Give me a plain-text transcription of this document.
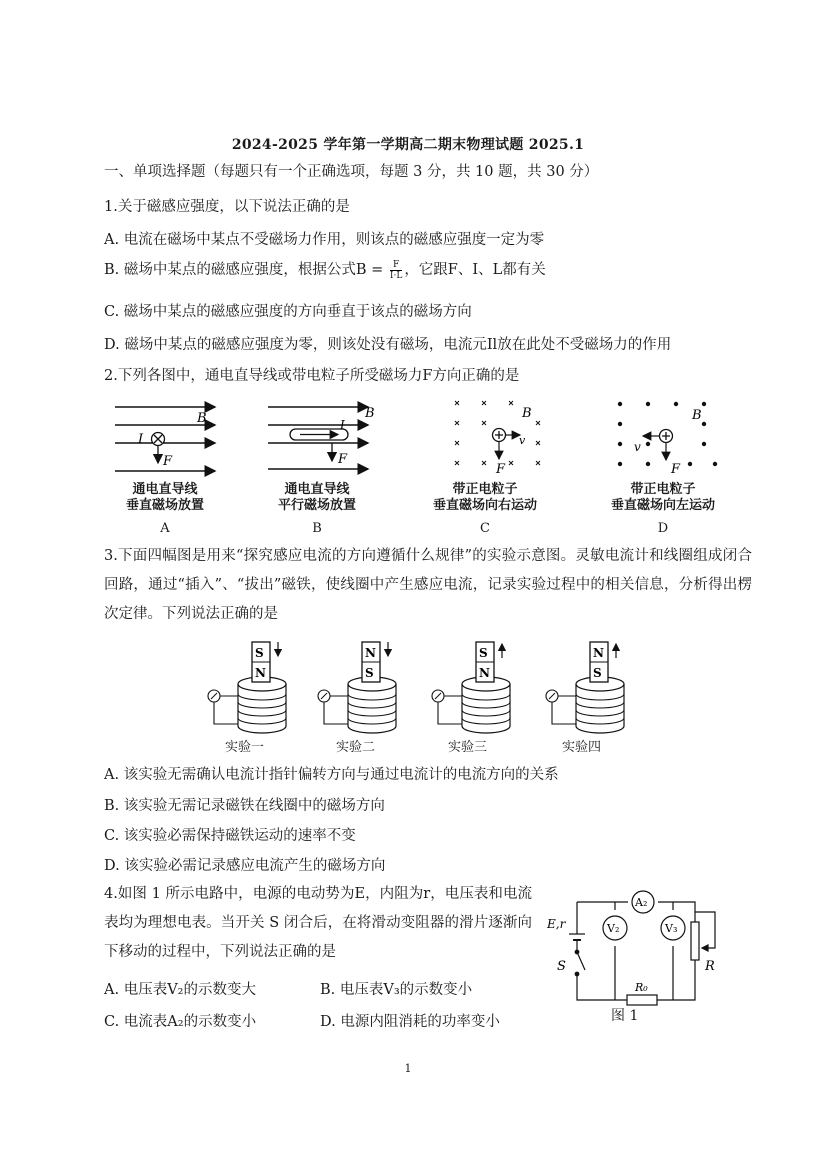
2024-2025 学年第一学期高二期末物理试题 2025.1
一、单项选择题（每题只有一个正确选项，每题 3 分，共 10 题，共 30 分）
1.关于磁感应强度，以下说法正确的是
A. 电流在磁场中某点不受磁场力作用，则该点的磁感应强度一定为零
B. 磁场中某点的磁感应强度，根据公式$B = \frac{F}{I\cdot L}$ ，它跟F、I、L都有关
C. 磁场中某点的磁感应强度的方向垂直于该点的磁场方向
D. 磁场中某点的磁感应强度为零，则该处没有磁场，电流元Il放在此处不受磁场力的作用
2.下列各图中，通电直导线或带电粒子所受磁场力F方向正确的是
B
I
F
B
I
F
B
v
F
B
v
F
通电直导线
垂直磁场放置
A
通电直导线
平行磁场放置
B
带正电粒子
垂直磁场向右运动
C
带正电粒子
垂直磁场向左运动
D
3.下面四幅图是用来“探究感应电流的方向遵循什么规律”的实验示意图。灵敏电流计和线圈组成闭合回路，通过“插入”、“拔出”磁铁，使线圈中产生感应电流，记录实验过程中的相关信息，分析得出楞次定律。下列说法正确的是
S
N
N
S
S
N
N
S
实验一	实验二	实验三	实验四
A. 该实验无需确认电流计指针偏转方向与通过电流计的电流方向的关系
B. 该实验无需记录磁铁在线圈中的磁场方向
C. 该实验必需保持磁铁运动的速率不变
D. 该实验必需记录感应电流产生的磁场方向
4.如图 1 所示电路中，电源的电动势为E，内阻为r，电压表和电流表均为理想电表。当开关 S 闭合后，在将滑动变阻器的滑片逐渐向下移动的过程中，下列说法正确的是
A. 电压表V₂的示数变大	B. 电压表V₃的示数变小
C. 电流表A₂的示数变小	D. 电源内阻消耗的功率变小
A₂
V₂	V₃
E,r
S	R
R₀
图 1
1
